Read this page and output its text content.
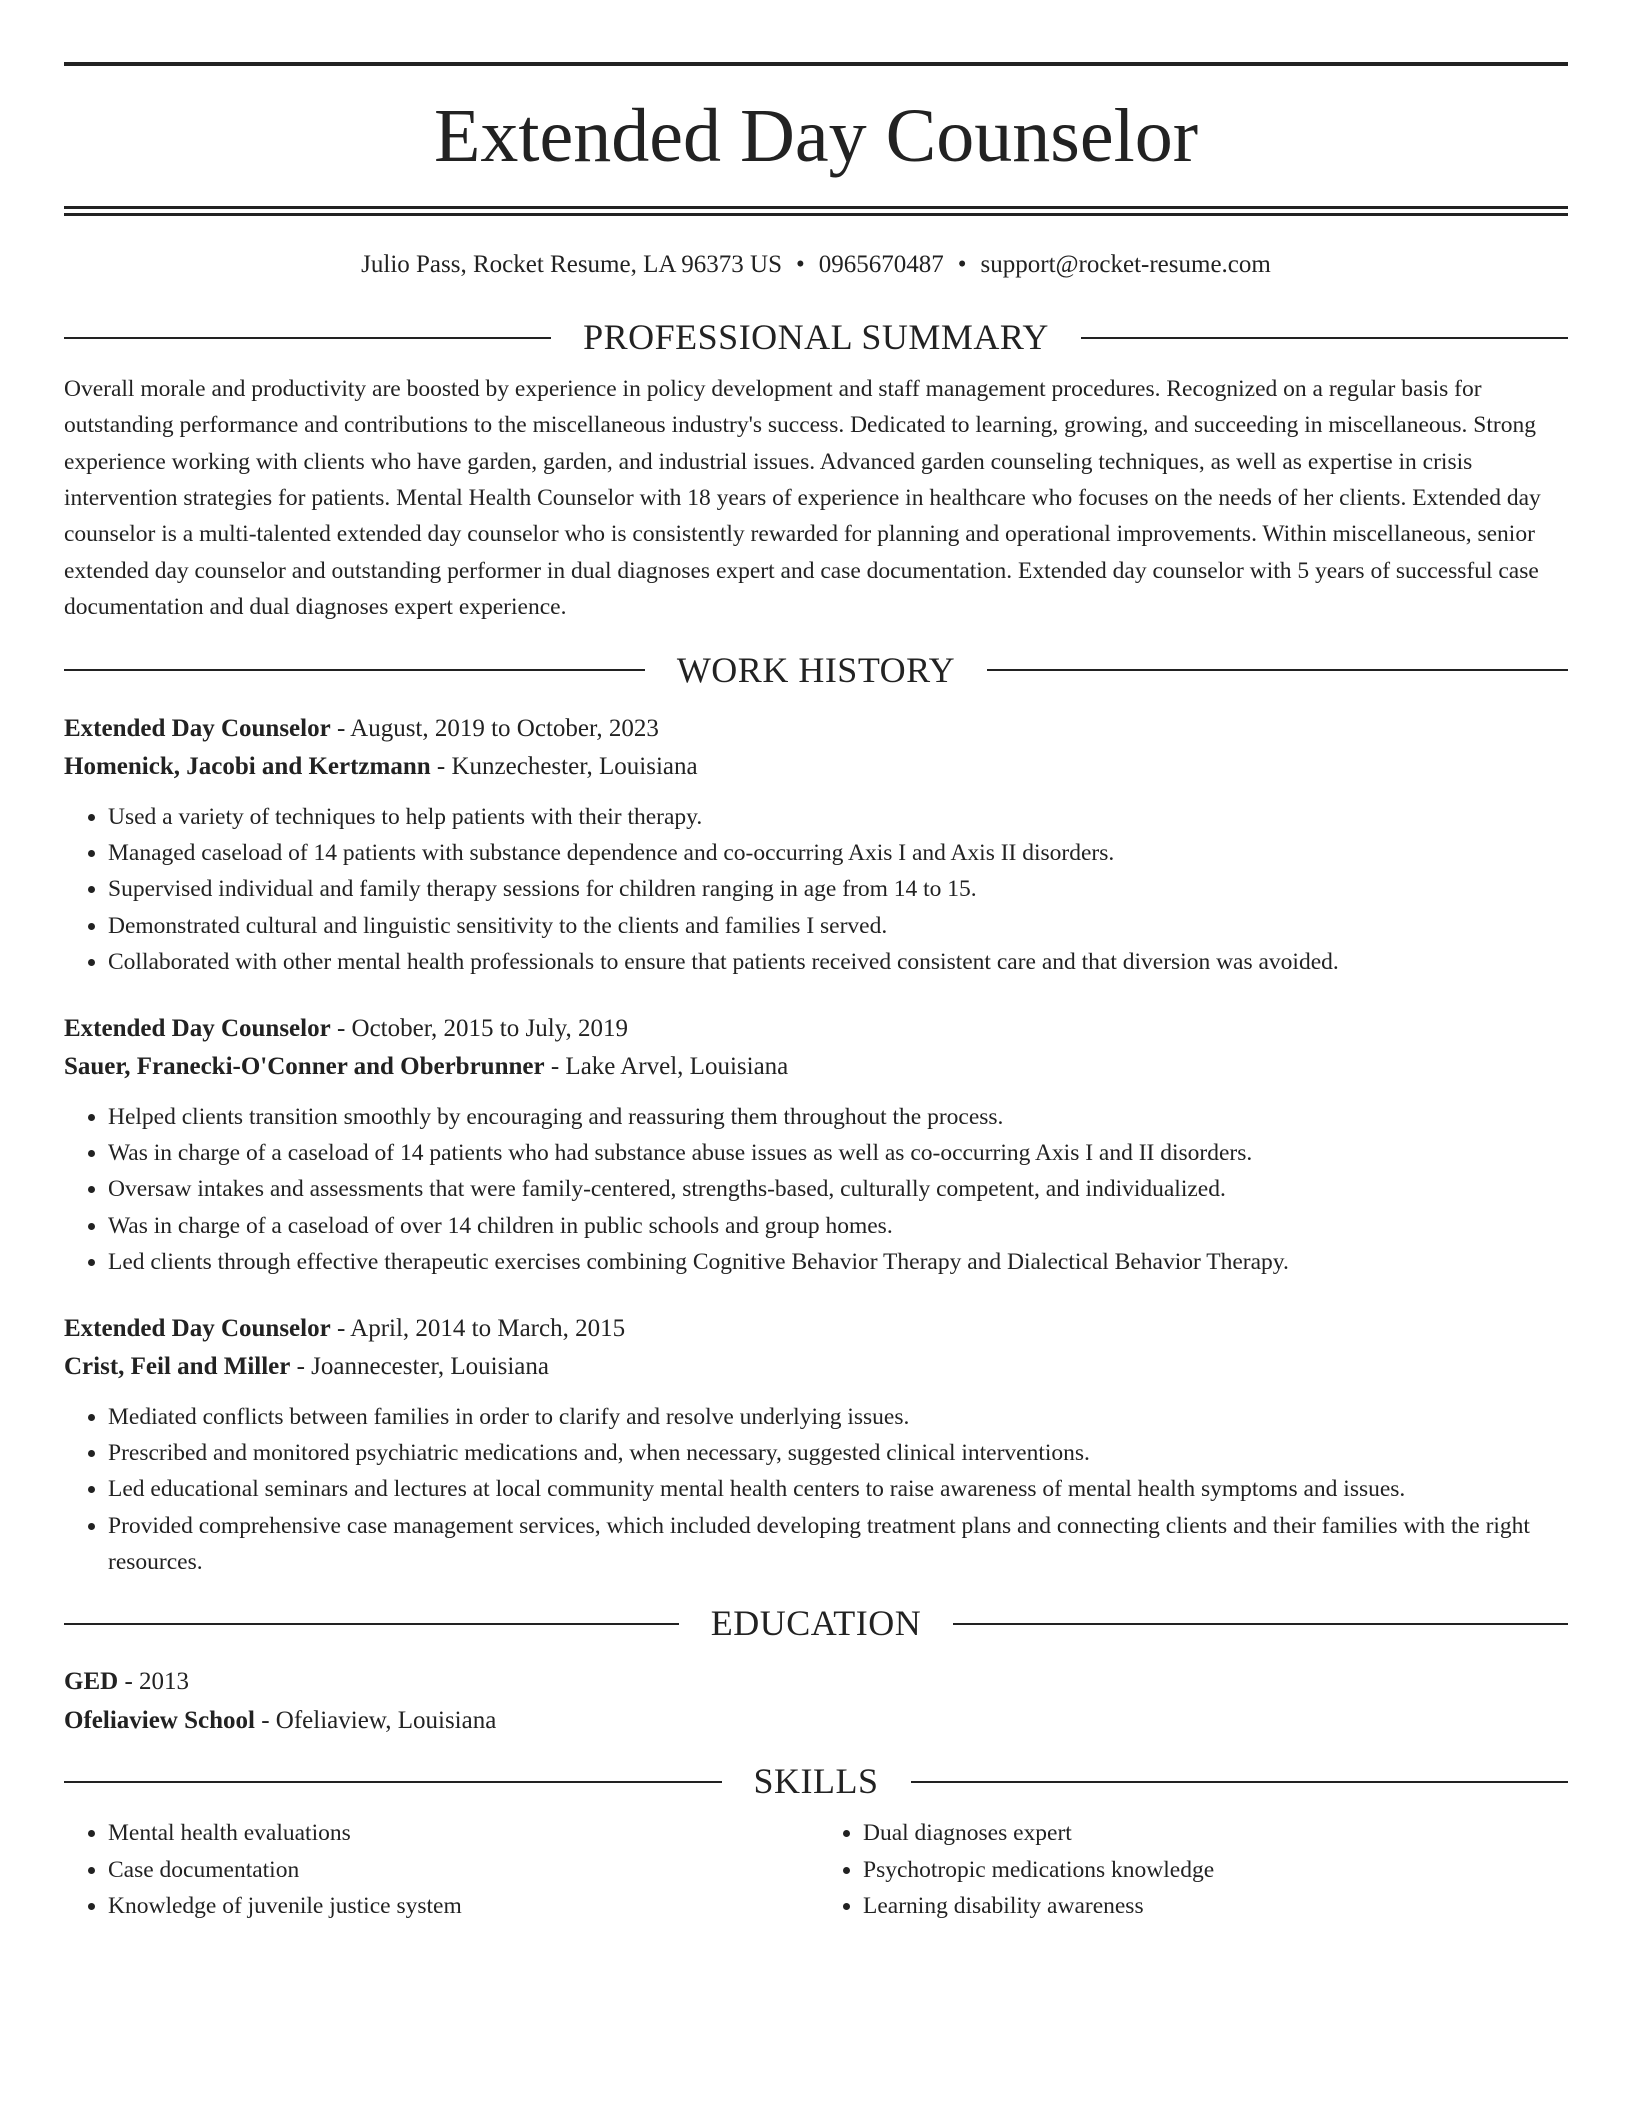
Extended Day Counselor
Julio Pass, Rocket Resume, LA 96373 US • 0965670487 • support@rocket-resume.com
PROFESSIONAL SUMMARY

Overall morale and productivity are boosted by experience in policy development and staff management procedures. Recognized on a regular basis for outstanding performance and contributions to the miscellaneous industry's success. Dedicated to learning, growing, and succeeding in miscellaneous. Strong experience working with clients who have garden, garden, and industrial issues. Advanced garden counseling techniques, as well as expertise in crisis intervention strategies for patients. Mental Health Counselor with 18 years of experience in healthcare who focuses on the needs of her clients. Extended day counselor is a multi-talented extended day counselor who is consistently rewarded for planning and operational improvements. Within miscellaneous, senior extended day counselor and outstanding performer in dual diagnoses expert and case documentation. Extended day counselor with 5 years of successful case documentation and dual diagnoses expert experience.

WORK HISTORY
Extended Day Counselor - August, 2019 to October, 2023
Homenick, Jacobi and Kertzmann - Kunzechester, Louisiana
• Used a variety of techniques to help patients with their therapy.
• Managed caseload of 14 patients with substance dependence and co-occurring Axis I and Axis II disorders.
• Supervised individual and family therapy sessions for children ranging in age from 14 to 15.
• Demonstrated cultural and linguistic sensitivity to the clients and families I served.
• Collaborated with other mental health professionals to ensure that patients received consistent care and that diversion was avoided.
Extended Day Counselor - October, 2015 to July, 2019
Sauer, Franecki-O'Conner and Oberbrunner - Lake Arvel, Louisiana
• Helped clients transition smoothly by encouraging and reassuring them throughout the process.
• Was in charge of a caseload of 14 patients who had substance abuse issues as well as co-occurring Axis I and II disorders.
• Oversaw intakes and assessments that were family-centered, strengths-based, culturally competent, and individualized.
• Was in charge of a caseload of over 14 children in public schools and group homes.
• Led clients through effective therapeutic exercises combining Cognitive Behavior Therapy and Dialectical Behavior Therapy.
Extended Day Counselor - April, 2014 to March, 2015
Crist, Feil and Miller - Joannecester, Louisiana
• Mediated conflicts between families in order to clarify and resolve underlying issues.
• Prescribed and monitored psychiatric medications and, when necessary, suggested clinical interventions.
• Led educational seminars and lectures at local community mental health centers to raise awareness of mental health symptoms and issues.
• Provided comprehensive case management services, which included developing treatment plans and connecting clients and their families with the right resources.
EDUCATION
GED - 2013
Ofeliaview School - Ofeliaview, Louisiana
SKILLS
• Mental health evaluations
• Case documentation
• Knowledge of juvenile justice system
• Dual diagnoses expert
• Psychotropic medications knowledge
• Learning disability awareness
